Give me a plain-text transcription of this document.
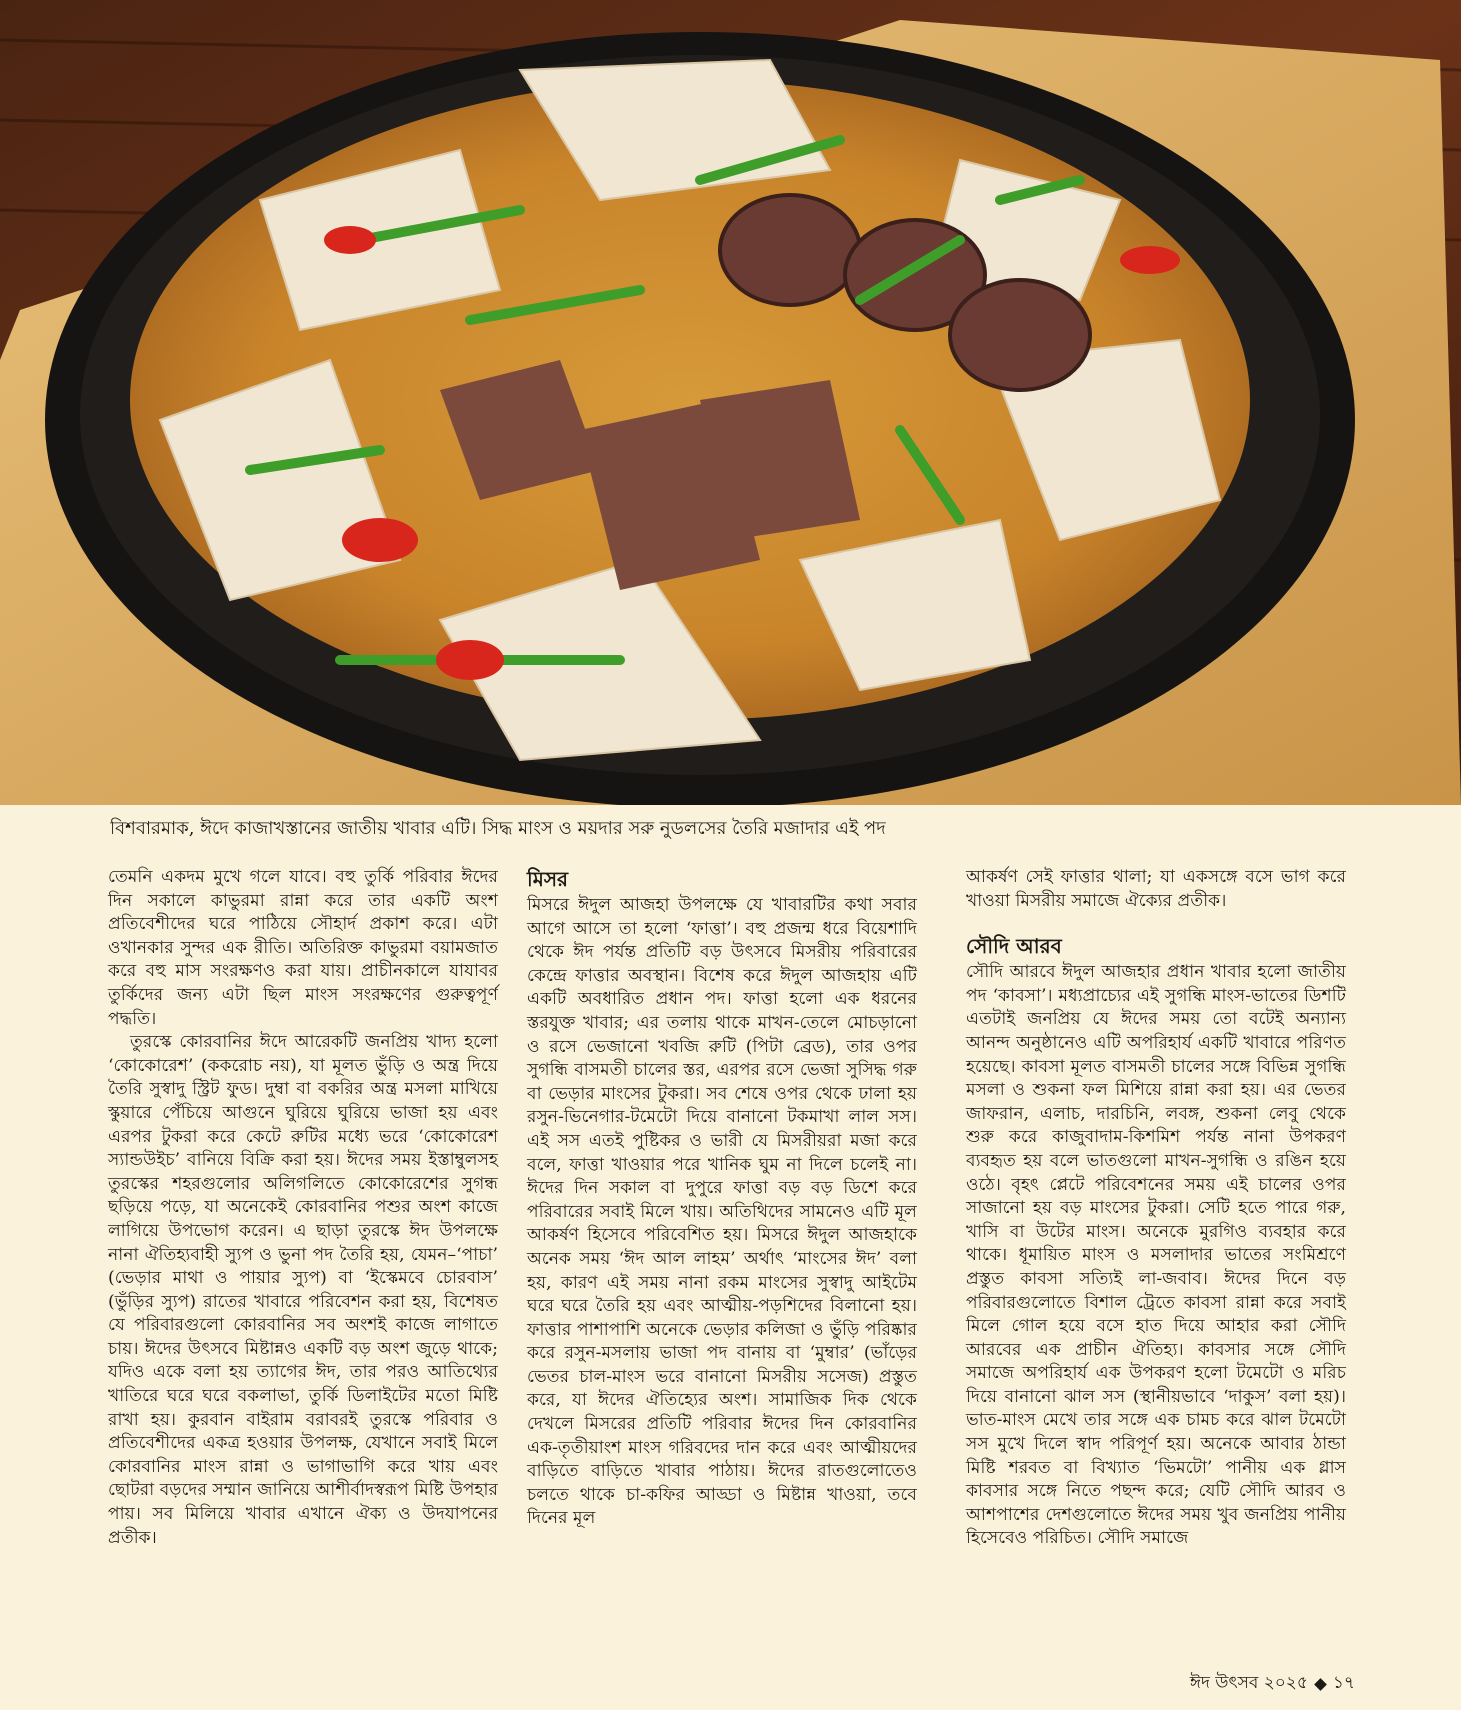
বিশবারমাক, ঈদে কাজাখস্তানের জাতীয় খাবার এটি। সিদ্ধ মাংস ও ময়দার সরু নুডলসের তৈরি মজাদার এই পদ

তেমনি একদম মুখে গলে যাবে। বহু তুর্কি পরিবার ঈদের দিন সকালে কাভুরমা রান্না করে তার একটি অংশ প্রতিবেশীদের ঘরে পাঠিয়ে সৌহার্দ প্রকাশ করে। এটা ওখানকার সুন্দর এক রীতি। অতিরিক্ত কাভুরমা বয়ামজাত করে বহু মাস সংরক্ষণও করা যায়। প্রাচীনকালে যাযাবর তুর্কিদের জন্য এটা ছিল মাংস সংরক্ষণের গুরুত্বপূর্ণ পদ্ধতি।

তুরস্কে কোরবানির ঈদে আরেকটি জনপ্রিয় খাদ্য হলো ‘কোকোরেশ’ (ককরোচ নয়), যা মূলত ভুঁড়ি ও অন্ত্র দিয়ে তৈরি সুস্বাদু স্ট্রিট ফুড। দুম্বা বা বকরির অন্ত্র মসলা মাখিয়ে স্কুয়ারে পেঁচিয়ে আগুনে ঘুরিয়ে ঘুরিয়ে ভাজা হয় এবং এরপর টুকরা করে কেটে রুটির মধ্যে ভরে ‘কোকোরেশ স্যান্ডউইচ’ বানিয়ে বিক্রি করা হয়। ঈদের সময় ইস্তাম্বুলসহ তুরস্কের শহরগুলোর অলিগলিতে কোকোরেশের সুগন্ধ ছড়িয়ে পড়ে, যা অনেকেই কোরবানির পশুর অংশ কাজে লাগিয়ে উপভোগ করেন। এ ছাড়া তুরস্কে ঈদ উপলক্ষে নানা ঐতিহ্যবাহী স্যুপ ও ভুনা পদ তৈরি হয়, যেমন–‘পাচা’ (ভেড়ার মাথা ও পায়ার স্যুপ) বা ‘ইস্কেমবে চোরবাস’ (ভুঁড়ির স্যুপ) রাতের খাবারে পরিবেশন করা হয়, বিশেষত যে পরিবারগুলো কোরবানির সব অংশই কাজে লাগাতে চায়। ঈদের উৎসবে মিষ্টান্নও একটি বড় অংশ জুড়ে থাকে; যদিও একে বলা হয় ত্যাগের ঈদ, তার পরও আতিথ্যের খাতিরে ঘরে ঘরে বকলাভা, তুর্কি ডিলাইটের মতো মিষ্টি রাখা হয়। কুরবান বাইরাম বরাবরই তুরস্কে পরিবার ও প্রতিবেশীদের একত্র হওয়ার উপলক্ষ, যেখানে সবাই মিলে কোরবানির মাংস রান্না ও ভাগাভাগি করে খায় এবং ছোটরা বড়দের সম্মান জানিয়ে আশীর্বাদস্বরূপ মিষ্টি উপহার পায়। সব মিলিয়ে খাবার এখানে ঐক্য ও উদযাপনের প্রতীক।

মিসর

মিসরে ঈদুল আজহা উপলক্ষে যে খাবারটির কথা সবার আগে আসে তা হলো ‘ফাত্তা’। বহু প্রজন্ম ধরে বিয়েশাদি থেকে ঈদ পর্যন্ত প্রতিটি বড় উৎসবে মিসরীয় পরিবারের কেন্দ্রে ফাত্তার অবস্থান। বিশেষ করে ঈদুল আজহায় এটি একটি অবধারিত প্রধান পদ। ফাত্তা হলো এক ধরনের স্তরযুক্ত খাবার; এর তলায় থাকে মাখন-তেলে মোচড়ানো ও রসে ভেজানো খবজি রুটি (পিটা ব্রেড), তার ওপর সুগন্ধি বাসমতী চালের স্তর, এরপর রসে ভেজা সুসিদ্ধ গরু বা ভেড়ার মাংসের টুকরা। সব শেষে ওপর থেকে ঢালা হয় রসুন-ভিনেগার-টমেটো দিয়ে বানানো টকমাখা লাল সস। এই সস এতই পুষ্টিকর ও ভারী যে মিসরীয়রা মজা করে বলে, ফাত্তা খাওয়ার পরে খানিক ঘুম না দিলে চলেই না। ঈদের দিন সকাল বা দুপুরে ফাত্তা বড় বড় ডিশে করে পরিবারের সবাই মিলে খায়। অতিথিদের সামনেও এটি মূল আকর্ষণ হিসেবে পরিবেশিত হয়। মিসরে ঈদুল আজহাকে অনেক সময় ‘ঈদ আল লাহম’ অর্থাৎ ‘মাংসের ঈদ’ বলা হয়, কারণ এই সময় নানা রকম মাংসের সুস্বাদু আইটেম ঘরে ঘরে তৈরি হয় এবং আত্মীয়-পড়শিদের বিলানো হয়। ফাত্তার পাশাপাশি অনেকে ভেড়ার কলিজা ও ভুঁড়ি পরিষ্কার করে রসুন-মসলায় ভাজা পদ বানায় বা ‘মুম্বার’ (ভাঁড়ের ভেতর চাল-মাংস ভরে বানানো মিসরীয় সসেজ) প্রস্তুত করে, যা ঈদের ঐতিহ্যের অংশ। সামাজিক দিক থেকে দেখলে মিসরের প্রতিটি পরিবার ঈদের দিন কোরবানির এক-তৃতীয়াংশ মাংস গরিবদের দান করে এবং আত্মীয়দের বাড়িতে বাড়িতে খাবার পাঠায়। ঈদের রাতগুলোতেও চলতে থাকে চা-কফির আড্ডা ও মিষ্টান্ন খাওয়া, তবে দিনের মূল

আকর্ষণ সেই ফাত্তার থালা; যা একসঙ্গে বসে ভাগ করে খাওয়া মিসরীয় সমাজে ঐক্যের প্রতীক।

সৌদি আরব

সৌদি আরবে ঈদুল আজহার প্রধান খাবার হলো জাতীয় পদ ‘কাবসা’। মধ্যপ্রাচ্যের এই সুগন্ধি মাংস-ভাতের ডিশটি এতটাই জনপ্রিয় যে ঈদের সময় তো বটেই অন্যান্য আনন্দ অনুষ্ঠানেও এটি অপরিহার্য একটি খাবারে পরিণত হয়েছে। কাবসা মূলত বাসমতী চালের সঙ্গে বিভিন্ন সুগন্ধি মসলা ও শুকনা ফল মিশিয়ে রান্না করা হয়। এর ভেতর জাফরান, এলাচ, দারচিনি, লবঙ্গ, শুকনা লেবু থেকে শুরু করে কাজুবাদাম-কিশমিশ পর্যন্ত নানা উপকরণ ব্যবহৃত হয় বলে ভাতগুলো মাখন-সুগন্ধি ও রঙিন হয়ে ওঠে। বৃহৎ প্লেটে পরিবেশনের সময় এই চালের ওপর সাজানো হয় বড় মাংসের টুকরা। সেটি হতে পারে গরু, খাসি বা উটের মাংস। অনেকে মুরগিও ব্যবহার করে থাকে। ধূমায়িত মাংস ও মসলাদার ভাতের সংমিশ্রণে প্রস্তুত কাবসা সত্যিই লা-জবাব। ঈদের দিনে বড় পরিবারগুলোতে বিশাল ট্রেতে কাবসা রান্না করে সবাই মিলে গোল হয়ে বসে হাত দিয়ে আহার করা সৌদি আরবের এক প্রাচীন ঐতিহ্য। কাবসার সঙ্গে সৌদি সমাজে অপরিহার্য এক উপকরণ হলো টমেটো ও মরিচ দিয়ে বানানো ঝাল সস (স্থানীয়ভাবে ‘দাকুস’ বলা হয়)। ভাত-মাংস মেখে তার সঙ্গে এক চামচ করে ঝাল টমেটো সস মুখে দিলে স্বাদ পরিপূর্ণ হয়। অনেকে আবার ঠান্ডা মিষ্টি শরবত বা বিখ্যাত ‘ভিমটো’ পানীয় এক গ্লাস কাবসার সঙ্গে নিতে পছন্দ করে; যেটি সৌদি আরব ও আশপাশের দেশগুলোতে ঈদের সময় খুব জনপ্রিয় পানীয় হিসেবেও পরিচিত। সৌদি সমাজে

ঈদ উৎসব ২০২৫ ১৭
